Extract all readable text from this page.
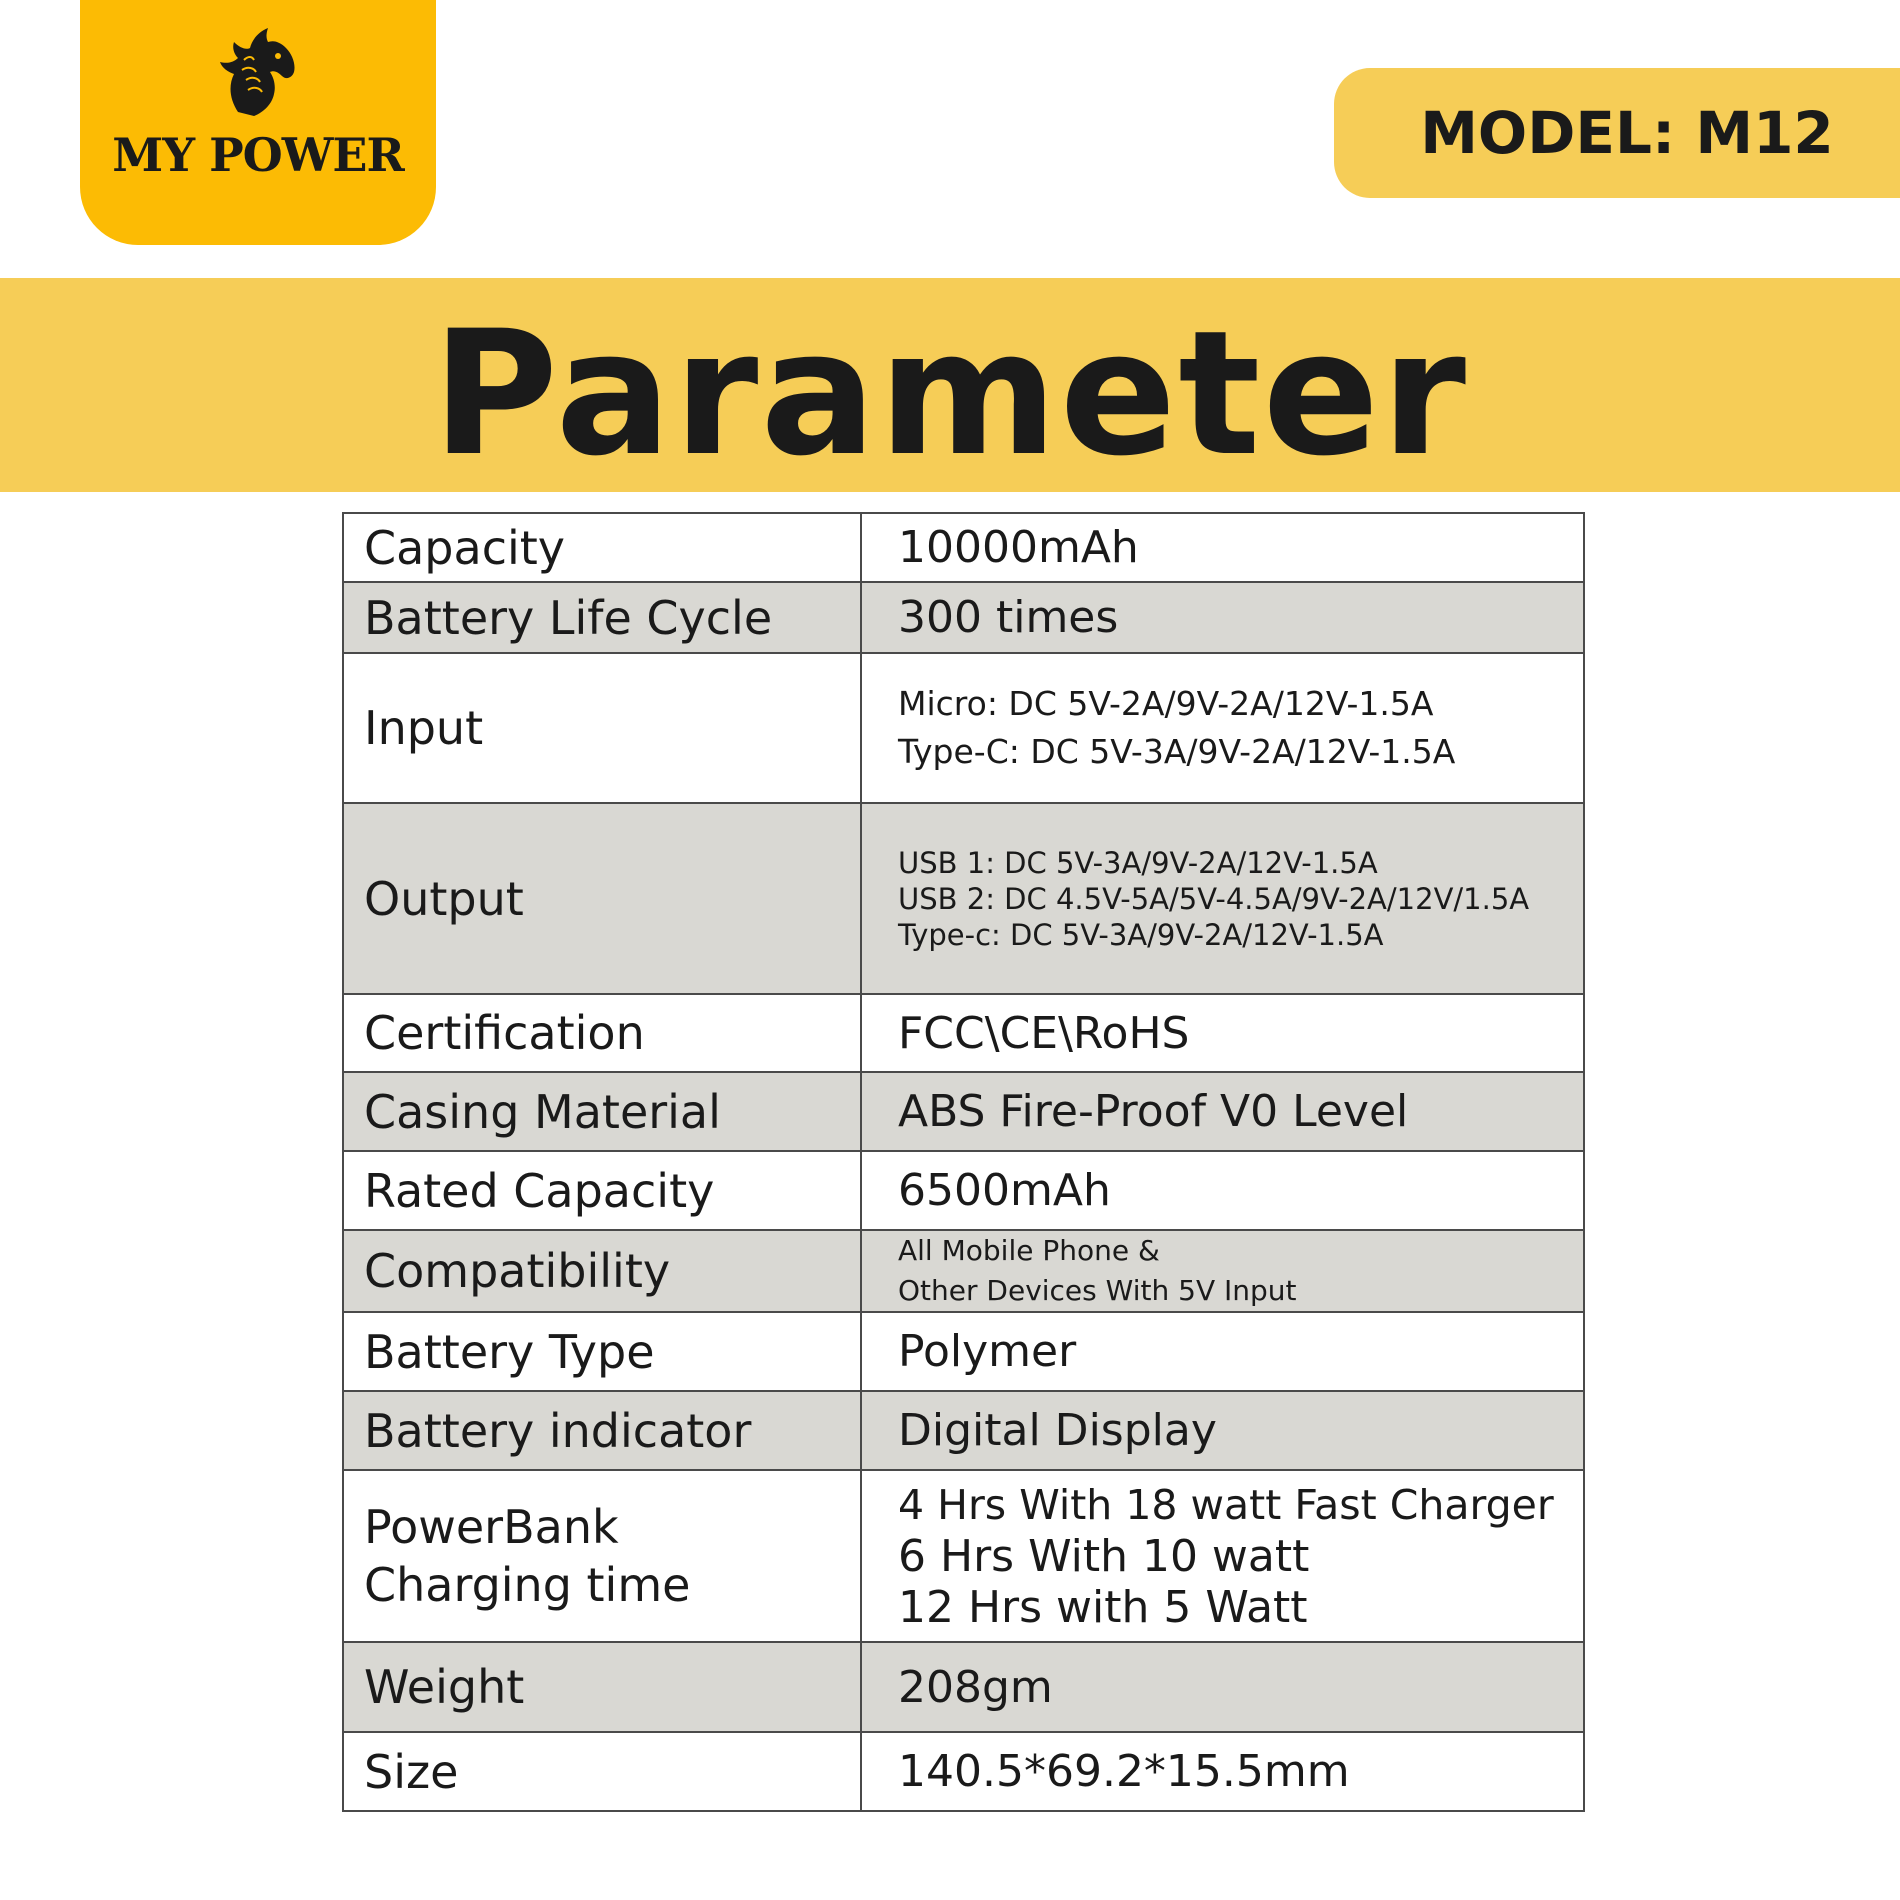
MY POWER	MODEL: M12
Parameter
Capacity	10000mAh

Battery Life Cycle	300 times

Input	Micro: DC 5V-2A/9V-2A/12V-1.5A
Type-C: DC 5V-3A/9V-2A/12V-1.5A

Output	USB 1: DC 5V-3A/9V-2A/12V-1.5A
USB 2: DC 4.5V-5A/5V-4.5A/9V-2A/12V/1.5A
Type-c: DC 5V-3A/9V-2A/12V-1.5A

Certification	FCC\CE\RoHS

Casing Material	ABS Fire-Proof V0 Level

Rated Capacity	6500mAh

Compatibility	All Mobile Phone &
Other Devices With 5V Input

Battery Type	Polymer

Battery indicator	Digital Display

PowerBank
Charging time	4 Hrs With 18 watt Fast Charger
6 Hrs With 10 watt
12 Hrs with 5 Watt

Weight	208gm

Size	140.5*69.2*15.5mm
